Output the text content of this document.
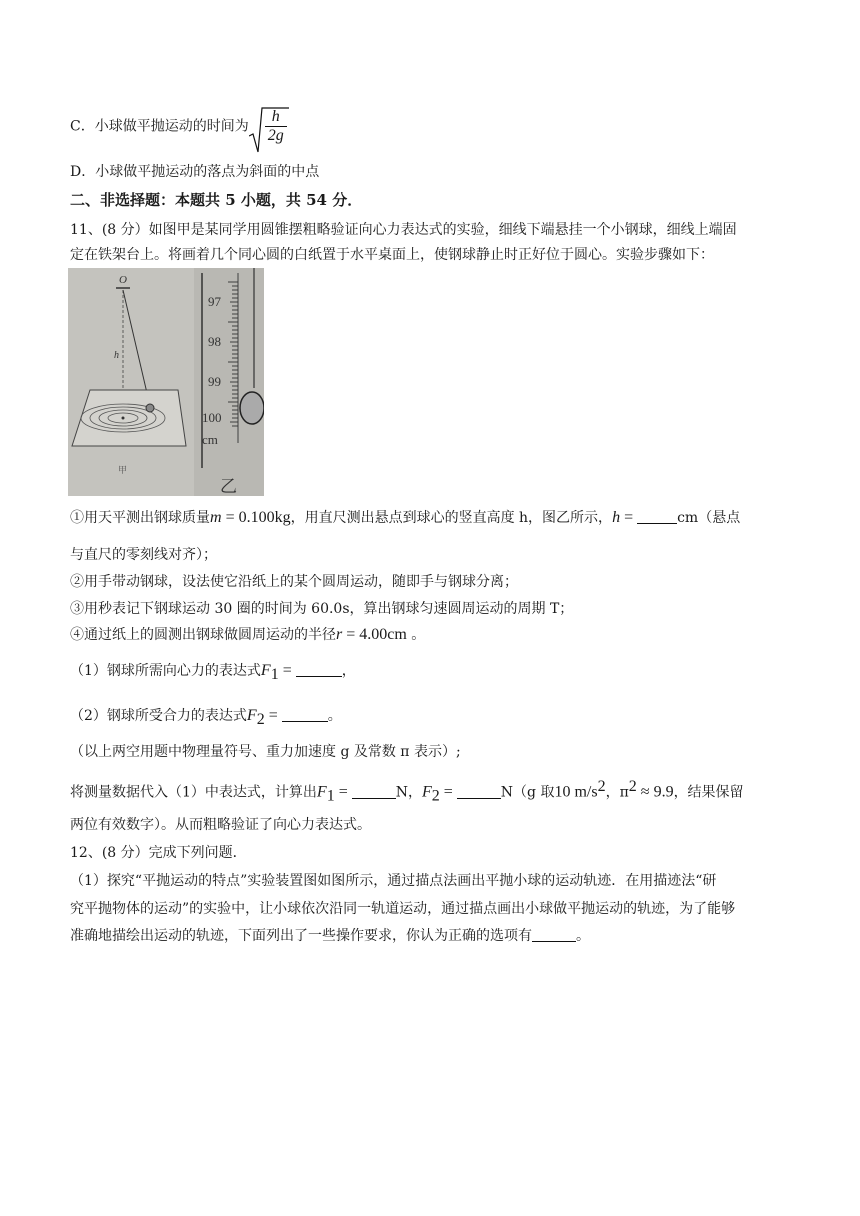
C．小球做平抛运动的时间为 $\frac{h}{2g}$
D．小球做平抛运动的落点为斜面的中点
二、非选择题：本题共 5 小题，共 54 分．
11、(8 分）如图甲是某同学用圆锥摆粗略验证向心力表达式的实验，细线下端悬挂一个小钢球，细线上端固
定在铁架台上。将画着几个同心圆的白纸置于水平桌面上，使钢球静止时正好位于圆心。实验步骤如下：
O
h
甲
97
98
99
100
cm
乙
①用天平测出钢球质量m = 0.100kg，用直尺测出悬点到球心的竖直高度 h，图乙所示，h =	cm（悬点
与直尺的零刻线对齐）；
②用手带动钢球，设法使它沿纸上的某个圆周运动，随即手与钢球分离；
③用秒表记下钢球运动 30 圈的时间为 60.0s，算出钢球匀速圆周运动的周期 T；
④通过纸上的圆测出钢球做圆周运动的半径r = 4.00cm 。
（1）钢球所需向心力的表达式$F_1$ =	，
（2）钢球所受合力的表达式$F_2$ =	。
（以上两空用题中物理量符号、重力加速度 g 及常数 π 表示）;
将测量数据代入（1）中表达式，计算出$F_1$ =	N，$F_2$ =	N（g 取10 $m/s^2$，$\pi^2 \approx 9.9$，结果保留
两位有效数字）。从而粗略验证了向心力表达式。
12、(8 分）完成下列问题．
（1）探究“平抛运动的特点”实验装置图如图所示，通过描点法画出平抛小球的运动轨迹．在用描迹法“研
究平抛物体的运动”的实验中，让小球依次沿同一轨道运动，通过描点画出小球做平抛运动的轨迹，为了能够
准确地描绘出运动的轨迹，下面列出了一些操作要求，你认为正确的选项有	。
